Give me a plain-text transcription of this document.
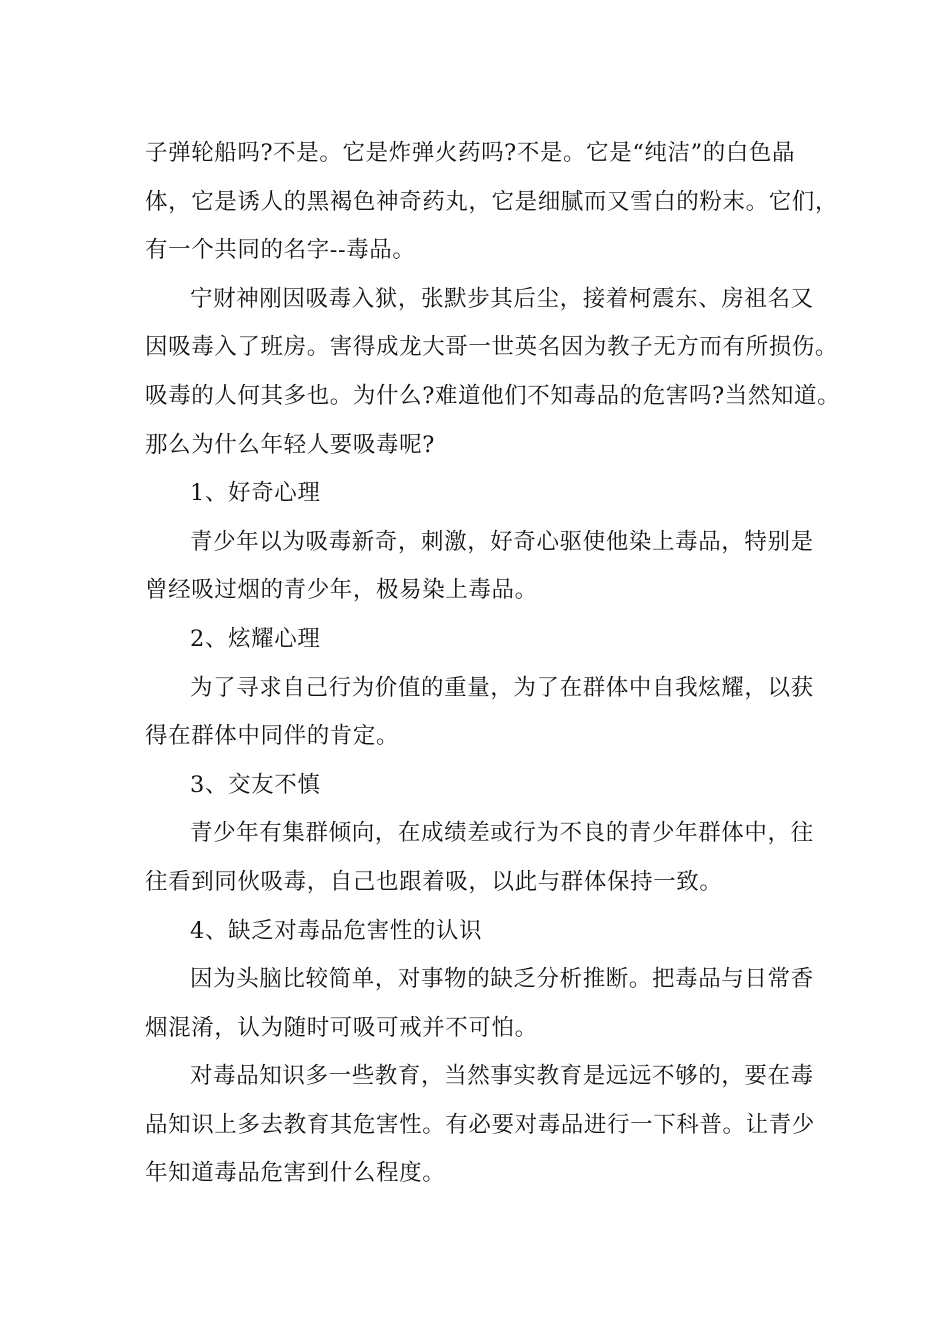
子弹轮船吗?不是。它是炸弹火药吗?不是。它是“纯洁”的白色晶
体，它是诱人的黑褐色神奇药丸，它是细腻而又雪白的粉末。它们，
有一个共同的名字--毒品。
宁财神刚因吸毒入狱，张默步其后尘，接着柯震东、房祖名又
因吸毒入了班房。害得成龙大哥一世英名因为教子无方而有所损伤。
吸毒的人何其多也。为什么?难道他们不知毒品的危害吗?当然知道。
那么为什么年轻人要吸毒呢?
1、好奇心理
青少年以为吸毒新奇，刺激，好奇心驱使他染上毒品，特别是
曾经吸过烟的青少年，极易染上毒品。
2、炫耀心理
为了寻求自己行为价值的重量，为了在群体中自我炫耀，以获
得在群体中同伴的肯定。
3、交友不慎
青少年有集群倾向，在成绩差或行为不良的青少年群体中，往
往看到同伙吸毒，自己也跟着吸，以此与群体保持一致。
4、缺乏对毒品危害性的认识
因为头脑比较简单，对事物的缺乏分析推断。把毒品与日常香
烟混淆，认为随时可吸可戒并不可怕。
对毒品知识多一些教育，当然事实教育是远远不够的，要在毒
品知识上多去教育其危害性。有必要对毒品进行一下科普。让青少
年知道毒品危害到什么程度。
